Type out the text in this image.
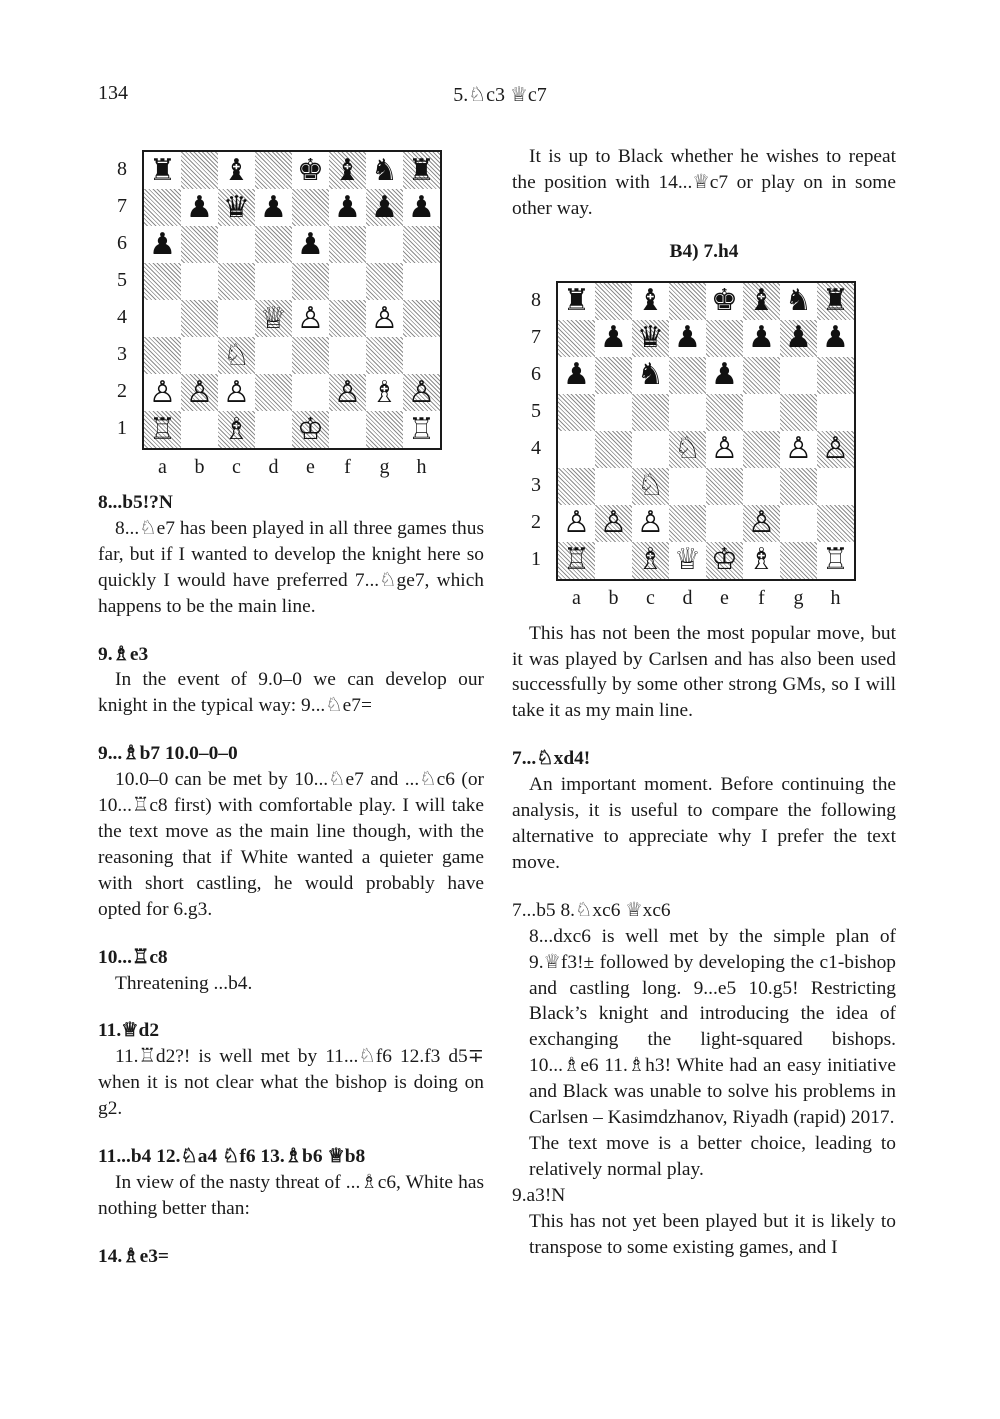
134	5.♘c3 ♕c7
♜ ♝ ♚ ♝ ♞ ♜
♟ ♛ ♟ ♟ ♟ ♟
♟	♟
♕ ♙ ♙
♘
♙ ♙ ♙	♙ ♗ ♙
♖ ♗ ♔	♖
8
7
6
5
4
3
2
1
a	b	c	d	e	f	g	h
8...b5!?N
8...♘e7 has been played in all three games thus far, but if I wanted to develop the knight here so quickly I would have preferred 7...♘ge7, which happens to be the main line.
9.♗e3
In the event of 9.0–0 we can develop our knight in the typical way: 9...♘e7=
9...♗b7 10.0–0–0
10.0–0 can be met by 10...♘e7 and ...♘c6 (or 10...♖c8 first) with comfortable play. I will take the text move as the main line though, with the reasoning that if White wanted a quieter game with short castling, he would probably have opted for 6.g3.
10...♖c8
Threatening ...b4.
11.♕d2
11.♖d2?! is well met by 11...♘f6 12.f3 d5∓ when it is not clear what the bishop is doing on g2.
11...b4 12.♘a4 ♘f6 13.♗b6 ♕b8
In view of the nasty threat of ...♗c6, White has nothing better than:
14.♗e3=
It is up to Black whether he wishes to repeat the position with 14...♕c7 or play on in some other way.
B4) 7.h4
♜ ♝ ♚ ♝ ♞ ♜
♟ ♛ ♟ ♟ ♟ ♟
♟ ♞ ♟
♘ ♙ ♙ ♙
♘
♙ ♙ ♙	♙
♖ ♗ ♕ ♔ ♗ ♖
8
7
6
5
4
3
2
1
a	b	c	d	e	f	g	h
This has not been the most popular move, but it was played by Carlsen and has also been used successfully by some other strong GMs, so I will take it as my main line.
7...♘xd4!
An important moment. Before continuing the analysis, it is useful to compare the following alternative to appreciate why I prefer the text move.
7...b5 8.♘xc6 ♕xc6
8...dxc6 is well met by the simple plan of 9.♕f3!± followed by developing the c1-bishop and castling long. 9...e5 10.g5! Restricting Black’s knight and introducing the idea of exchanging the light-squared bishops. 10...♗e6 11.♗h3! White had an easy initiative and Black was unable to solve his problems in Carlsen – Kasimdzhanov, Riyadh (rapid) 2017.
The text move is a better choice, leading to relatively normal play.
9.a3!N
This has not yet been played but it is likely to transpose to some existing games, and I
